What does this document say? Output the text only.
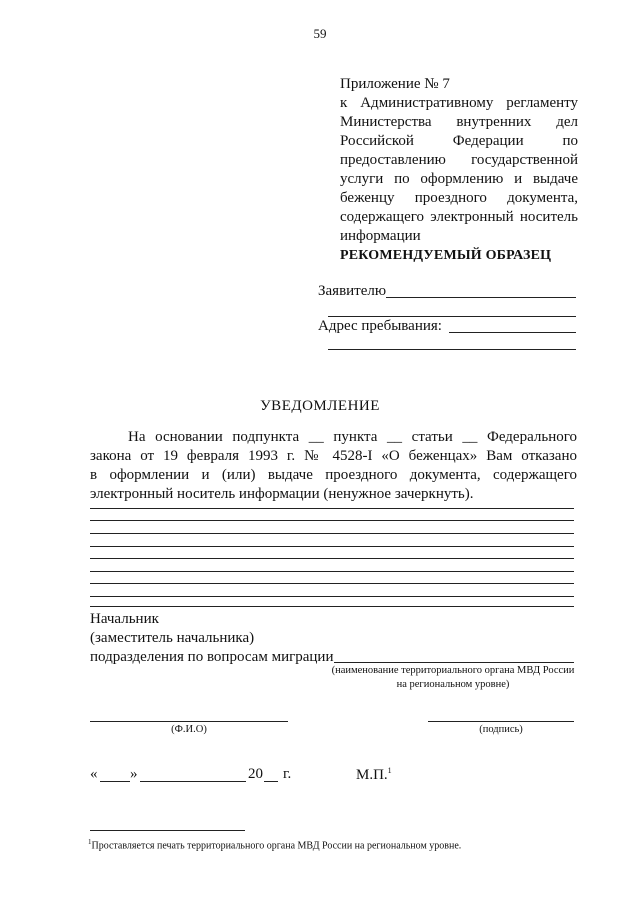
59
Приложение № 7
к Административному регламенту
Министерства внутренних дел
Российской Федерации по
предоставлению государственной
услуги по оформлению и выдаче
беженцу проездного документа,
содержащего электронный носитель
информации
РЕКОМЕНДУЕМЫЙ ОБРАЗЕЦ
Заявителю
Адрес пребывания:
УВЕДОМЛЕНИЕ
На основании подпункта __ пункта __ статьи __ Федерального
закона от 19 февраля 1993 г. № 4528-I «О беженцах» Вам отказано
в оформлении и (или) выдаче проездного документа, содержащего
электронный носитель информации (ненужное зачеркнуть).
Начальник
(заместитель начальника)
подразделения по вопросам миграции
(наименование территориального органа МВД России
на региональном уровне)
(Ф.И.О)	(подпись)
« »	20 г.	М.П.$^1$
$^1$Проставляется печать территориального органа МВД России на региональном уровне.
